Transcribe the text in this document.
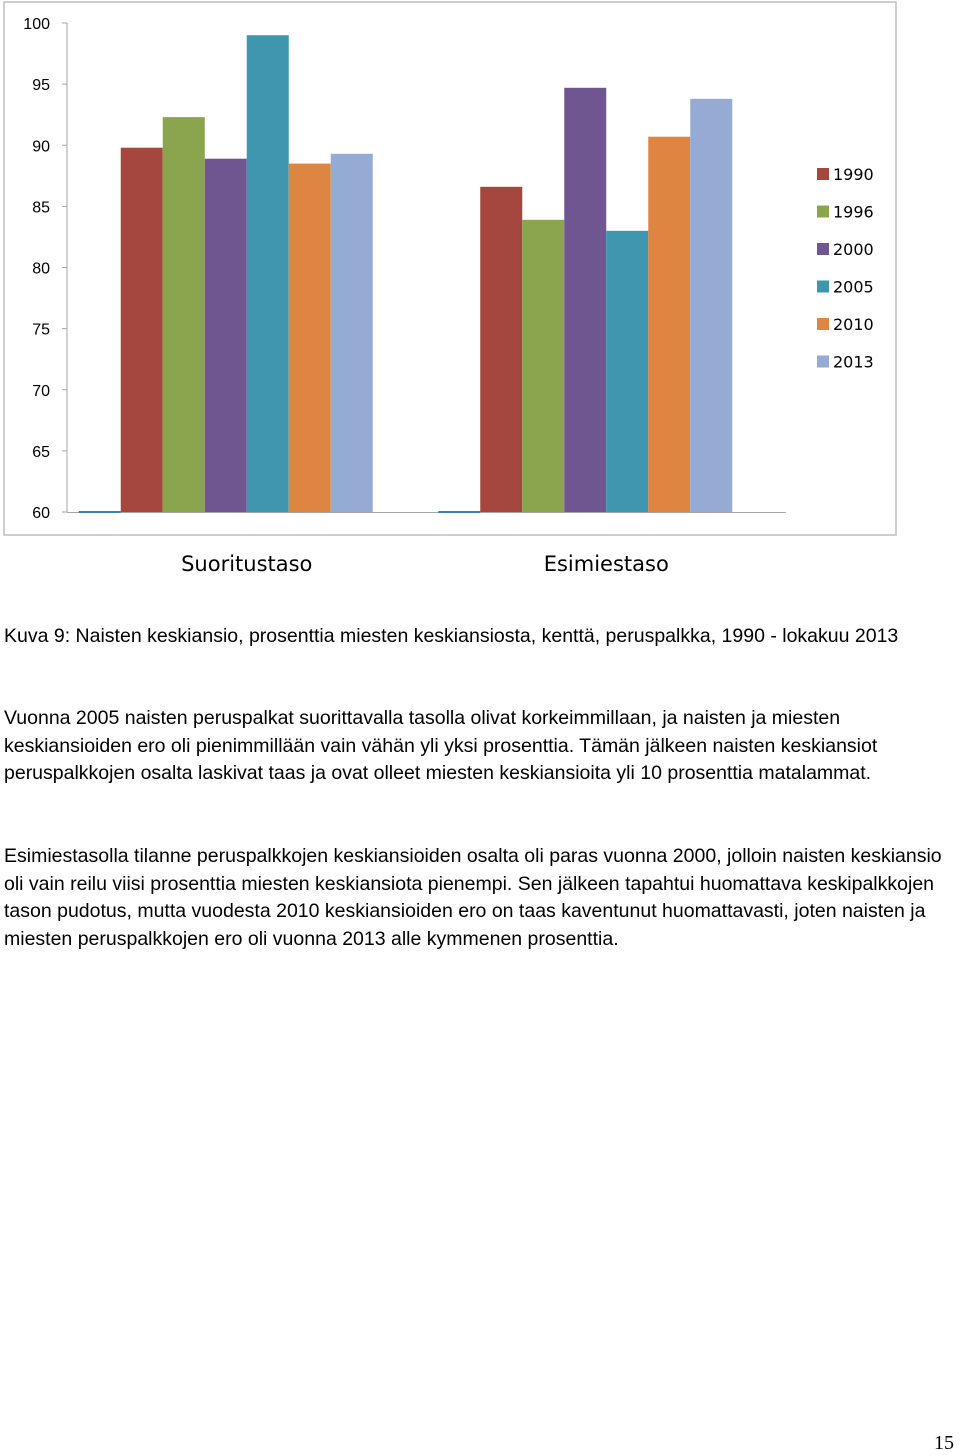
60
65
70
75
80
85
90
95
100
Suoritustaso	Esimiestaso
1990
1996
2000
2005
2010
2013

Kuva 9: Naisten keskiansio, prosenttia miesten keskiansiosta, kenttä, peruspalkka, 1990 - lokakuu 2013

Vuonna 2005 naisten peruspalkat suorittavalla tasolla olivat korkeimmillaan, ja naisten ja miesten keskiansioiden ero oli pienimmillään vain vähän yli yksi prosenttia. Tämän jälkeen naisten keskiansiot peruspalkkojen osalta laskivat taas ja ovat olleet miesten keskiansioita yli 10 prosenttia matalammat.

Esimiestasolla tilanne peruspalkkojen keskiansioiden osalta oli paras vuonna 2000, jolloin naisten keskiansio oli vain reilu viisi prosenttia miesten keskiansiota pienempi. Sen jälkeen tapahtui huomattava keskipalkkojen tason pudotus, mutta vuodesta 2010 keskiansioiden ero on taas kaventunut huomattavasti, joten naisten ja miesten peruspalkkojen ero oli vuonna 2013 alle kymmenen prosenttia.

15
